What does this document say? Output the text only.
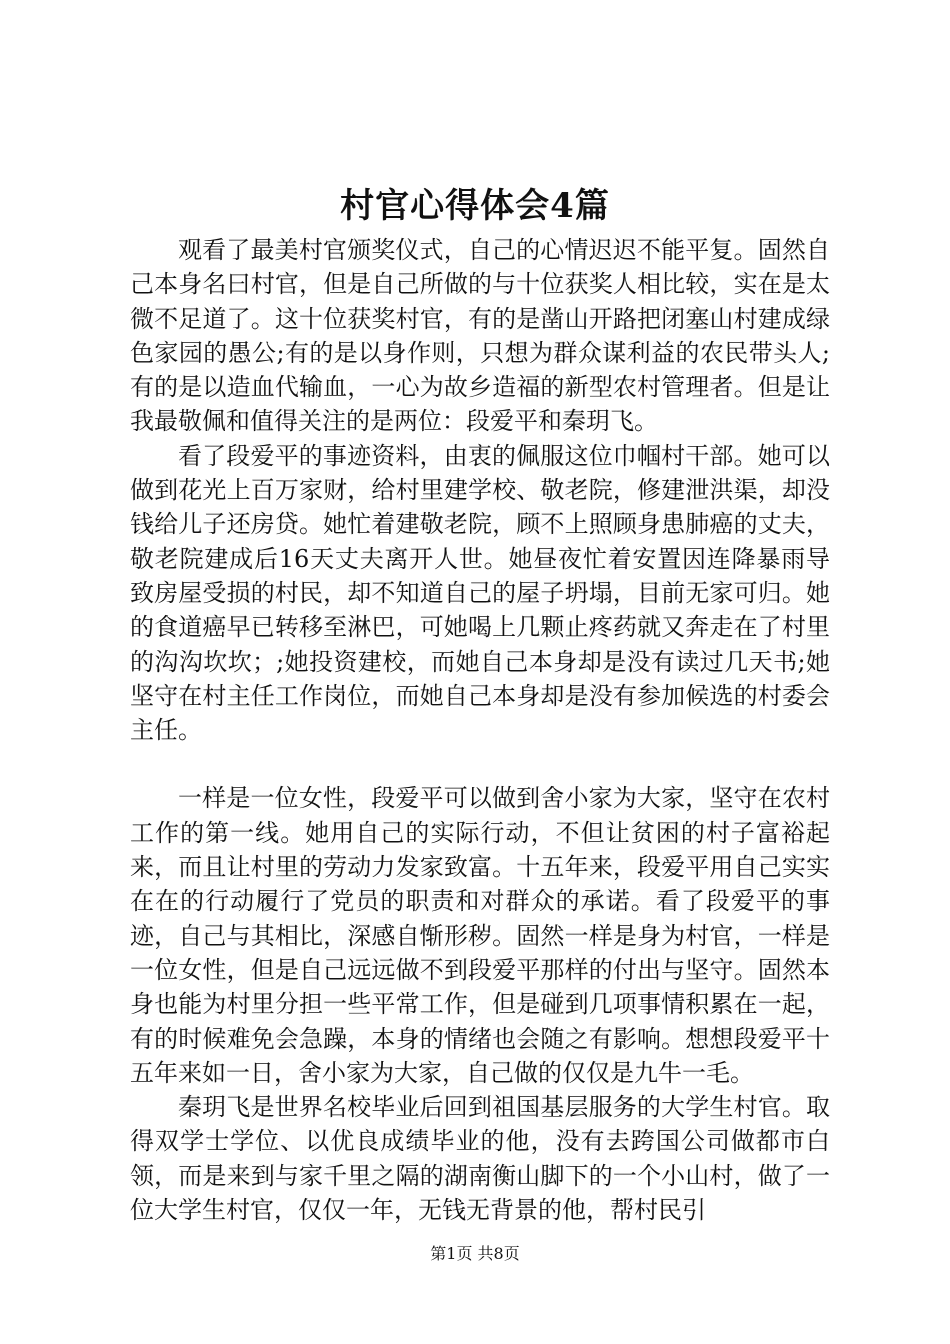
村官心得体会4篇

观看了最美村官颁奖仪式，自己的心情迟迟不能平复。固然自己本身名曰村官，但是自己所做的与十位获奖人相比较，实在是太微不足道了。这十位获奖村官，有的是凿山开路把闭塞山村建成绿色家园的愚公;有的是以身作则，只想为群众谋利益的农民带头人;有的是以造血代输血，一心为故乡造福的新型农村管理者。但是让我最敬佩和值得关注的是两位：段爱平和秦玥飞。

看了段爱平的事迹资料，由衷的佩服这位巾帼村干部。她可以做到花光上百万家财，给村里建学校、敬老院，修建泄洪渠，却没钱给儿子还房贷。她忙着建敬老院，顾不上照顾身患肺癌的丈夫，敬老院建成后16天丈夫离开人世。她昼夜忙着安置因连降暴雨导致房屋受损的村民，却不知道自己的屋子坍塌，目前无家可归。她的食道癌早已转移至淋巴，可她喝上几颗止疼药就又奔走在了村里的沟沟坎坎；;她投资建校，而她自己本身却是没有读过几天书;她坚守在村主任工作岗位，而她自己本身却是没有参加候选的村委会主任。

一样是一位女性，段爱平可以做到舍小家为大家，坚守在农村工作的第一线。她用自己的实际行动，不但让贫困的村子富裕起来，而且让村里的劳动力发家致富。十五年来，段爱平用自己实实在在的行动履行了党员的职责和对群众的承诺。看了段爱平的事迹，自己与其相比，深感自惭形秽。固然一样是身为村官，一样是一位女性，但是自己远远做不到段爱平那样的付出与坚守。固然本身也能为村里分担一些平常工作，但是碰到几项事情积累在一起，有的时候难免会急躁，本身的情绪也会随之有影响。想想段爱平十五年来如一日，舍小家为大家，自己做的仅仅是九牛一毛。

秦玥飞是世界名校毕业后回到祖国基层服务的大学生村官。取得双学士学位、以优良成绩毕业的他，没有去跨国公司做都市白领，而是来到与家千里之隔的湖南衡山脚下的一个小山村，做了一位大学生村官，仅仅一年，无钱无背景的他，帮村民引

第1页 共8页
